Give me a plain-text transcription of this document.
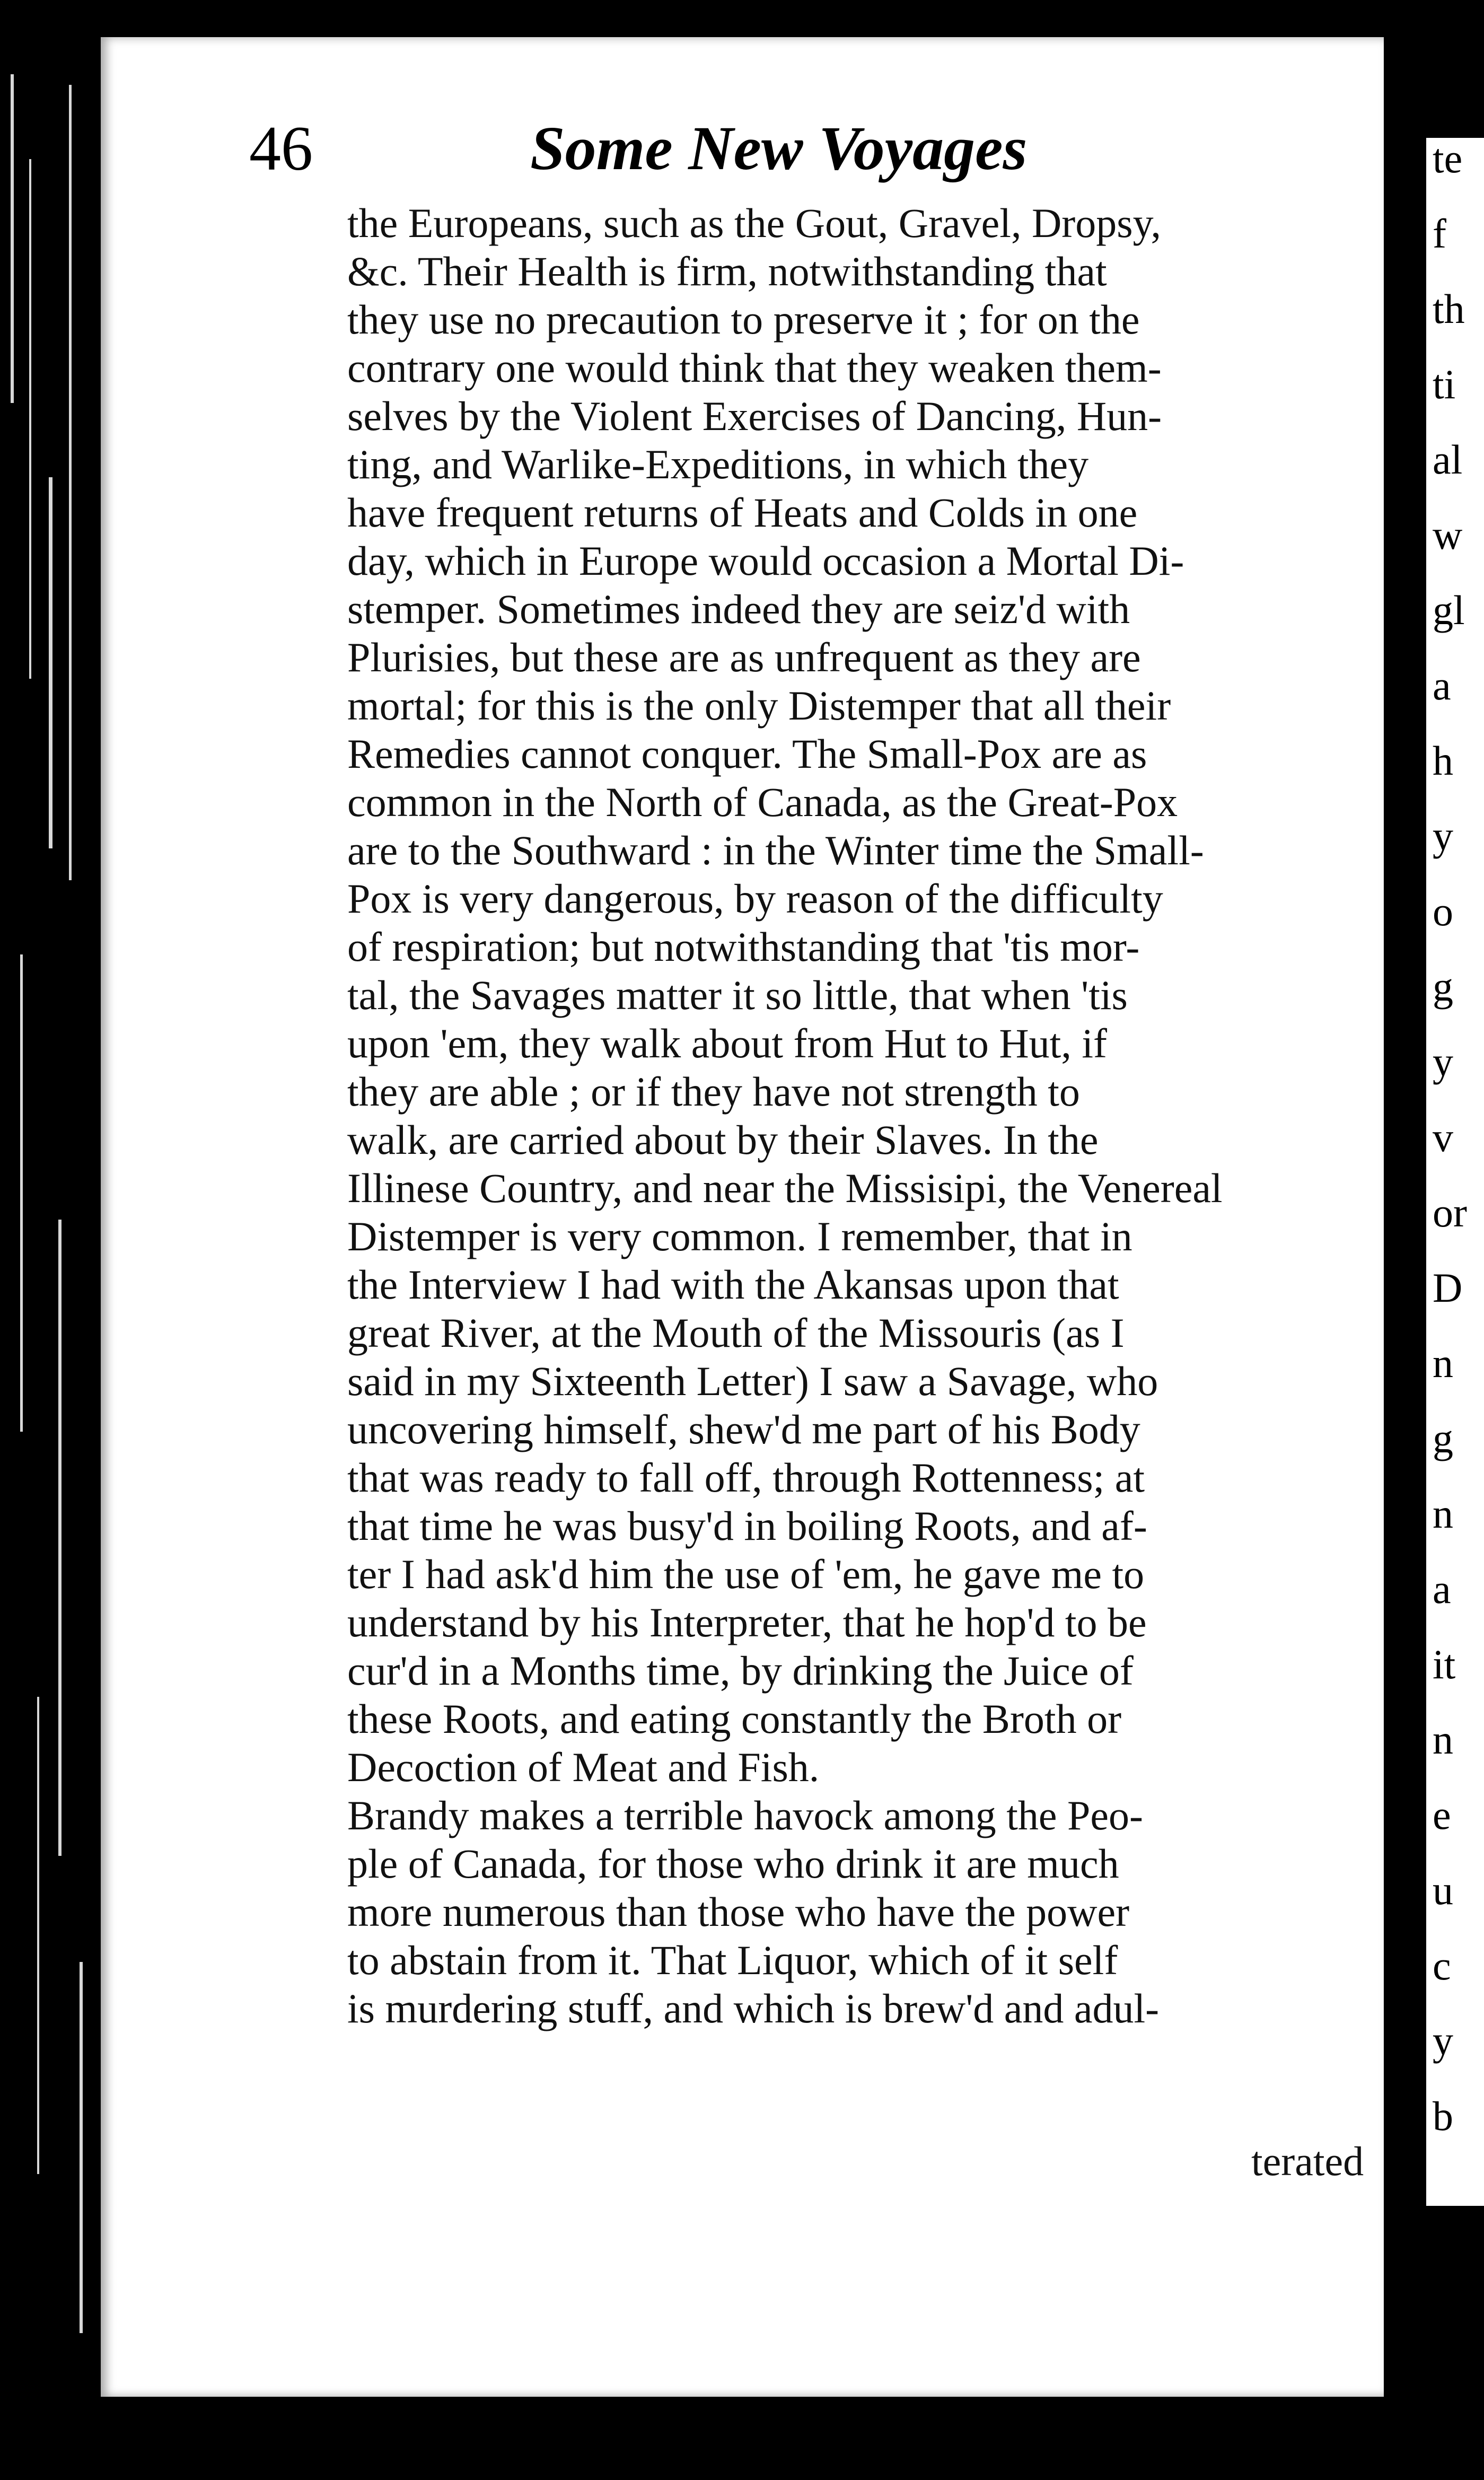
te
f
th
ti
al
w
gl
a
h
y
o
g
y
v
or
D
n
g
n
a
it
n
e
u
c
y
b
46	Some New Voyages
the Europeans, such as the Gout, Gravel, Dropsy,
&c. Their Health is firm, notwithstanding that
they use no precaution to preserve it ; for on the
contrary one would think that they weaken them-
selves by the Violent Exercises of Dancing, Hun-
ting, and Warlike-Expeditions, in which they
have frequent returns of Heats and Colds in one
day, which in Europe would occasion a Mortal Di-
stemper. Sometimes indeed they are seiz'd with
Plurisies, but these are as unfrequent as they are
mortal; for this is the only Distemper that all their
Remedies cannot conquer. The Small-Pox are as
common in the North of Canada, as the Great-Pox
are to the Southward : in the Winter time the Small-
Pox is very dangerous, by reason of the difficulty
of respiration; but notwithstanding that 'tis mor-
tal, the Savages matter it so little, that when 'tis
upon 'em, they walk about from Hut to Hut, if
they are able ; or if they have not strength to
walk, are carried about by their Slaves. In the
Illinese Country, and near the Missisipi, the Venereal
Distemper is very common. I remember, that in
the Interview I had with the Akansas upon that
great River, at the Mouth of the Missouris (as I
said in my Sixteenth Letter) I saw a Savage, who
uncovering himself, shew'd me part of his Body
that was ready to fall off, through Rottenness; at
that time he was busy'd in boiling Roots, and af-
ter I had ask'd him the use of 'em, he gave me to
understand by his Interpreter, that he hop'd to be
cur'd in a Months time, by drinking the Juice of
these Roots, and eating constantly the Broth or
Decoction of Meat and Fish.
Brandy makes a terrible havock among the Peo-
ple of Canada, for those who drink it are much
more numerous than those who have the power
to abstain from it. That Liquor, which of it self
is murdering stuff, and which is brew'd and adul-
terated
